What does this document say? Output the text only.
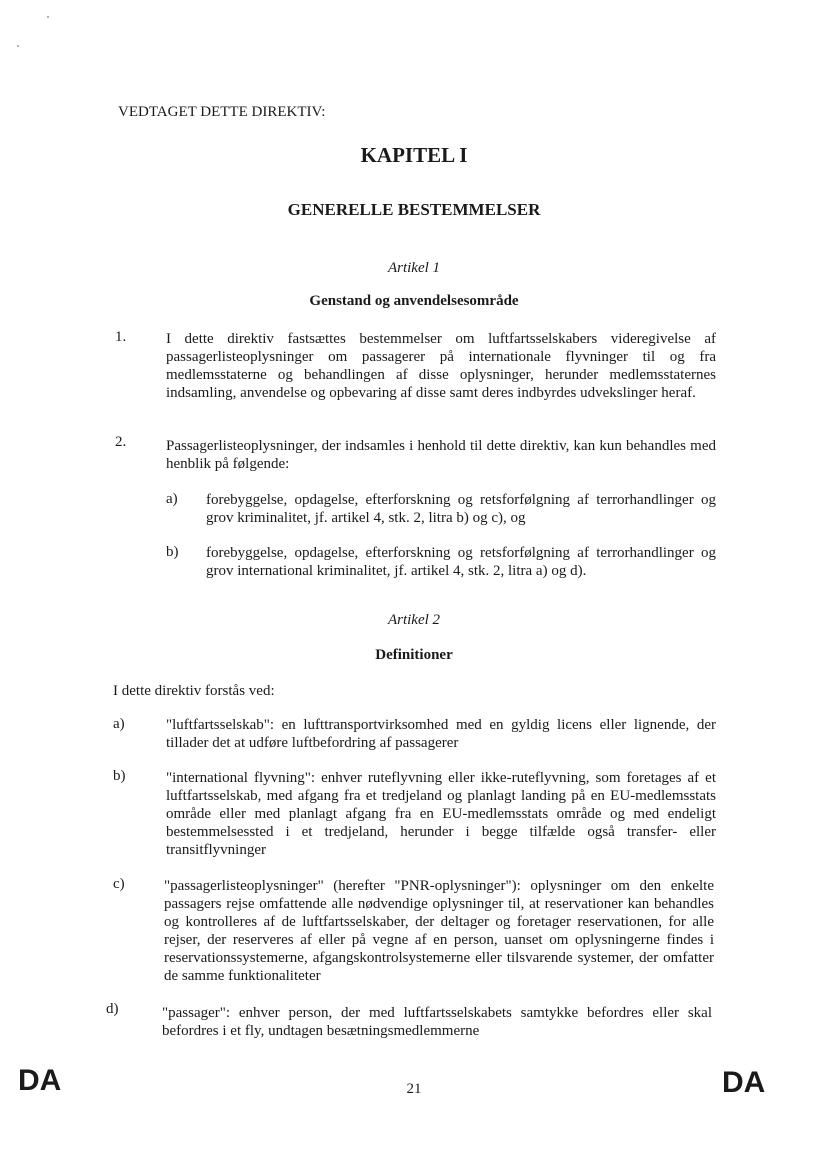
VEDTAGET DETTE DIREKTIV:
KAPITEL I
GENERELLE BESTEMMELSER
Artikel 1
Genstand og anvendelsesområde
1.	I dette direktiv fastsættes bestemmelser om luftfartsselskabers videregivelse af passagerlisteoplysninger om passagerer på internationale flyvninger til og fra medlemsstaterne og behandlingen af disse oplysninger, herunder medlemsstaternes indsamling, anvendelse og opbevaring af disse samt deres indbyrdes udvekslinger heraf.
2.	Passagerlisteoplysninger, der indsamles i henhold til dette direktiv, kan kun behandles med henblik på følgende:
a) forebyggelse, opdagelse, efterforskning og retsforfølgning af terrorhandlinger og grov kriminalitet, jf. artikel 4, stk. 2, litra b) og c), og
b) forebyggelse, opdagelse, efterforskning og retsforfølgning af terrorhandlinger og grov international kriminalitet, jf. artikel 4, stk. 2, litra a) og d).
Artikel 2
Definitioner
I dette direktiv forstås ved:
a)	"luftfartsselskab": en lufttransportvirksomhed med en gyldig licens eller lignende, der tillader det at udføre luftbefordring af passagerer
b)	"international flyvning": enhver ruteflyvning eller ikke-ruteflyvning, som foretages af et luftfartsselskab, med afgang fra et tredjeland og planlagt landing på en EU-medlemsstats område eller med planlagt afgang fra en EU-medlemsstats område og med endeligt bestemmelsessted i et tredjeland, herunder i begge tilfælde også transfer- eller transitflyvninger
c)	"passagerlisteoplysninger" (herefter "PNR-oplysninger"): oplysninger om den enkelte passagers rejse omfattende alle nødvendige oplysninger til, at reservationer kan behandles og kontrolleres af de luftfartsselskaber, der deltager og foretager reservationen, for alle rejser, der reserveres af eller på vegne af en person, uanset om oplysningerne findes i reservationssystemerne, afgangskontrolsystemerne eller tilsvarende systemer, der omfatter de samme funktionaliteter
d)	"passager": enhver person, der med luftfartsselskabets samtykke befordres eller skal befordres i et fly, undtagen besætningsmedlemmerne
DA	21	DA
